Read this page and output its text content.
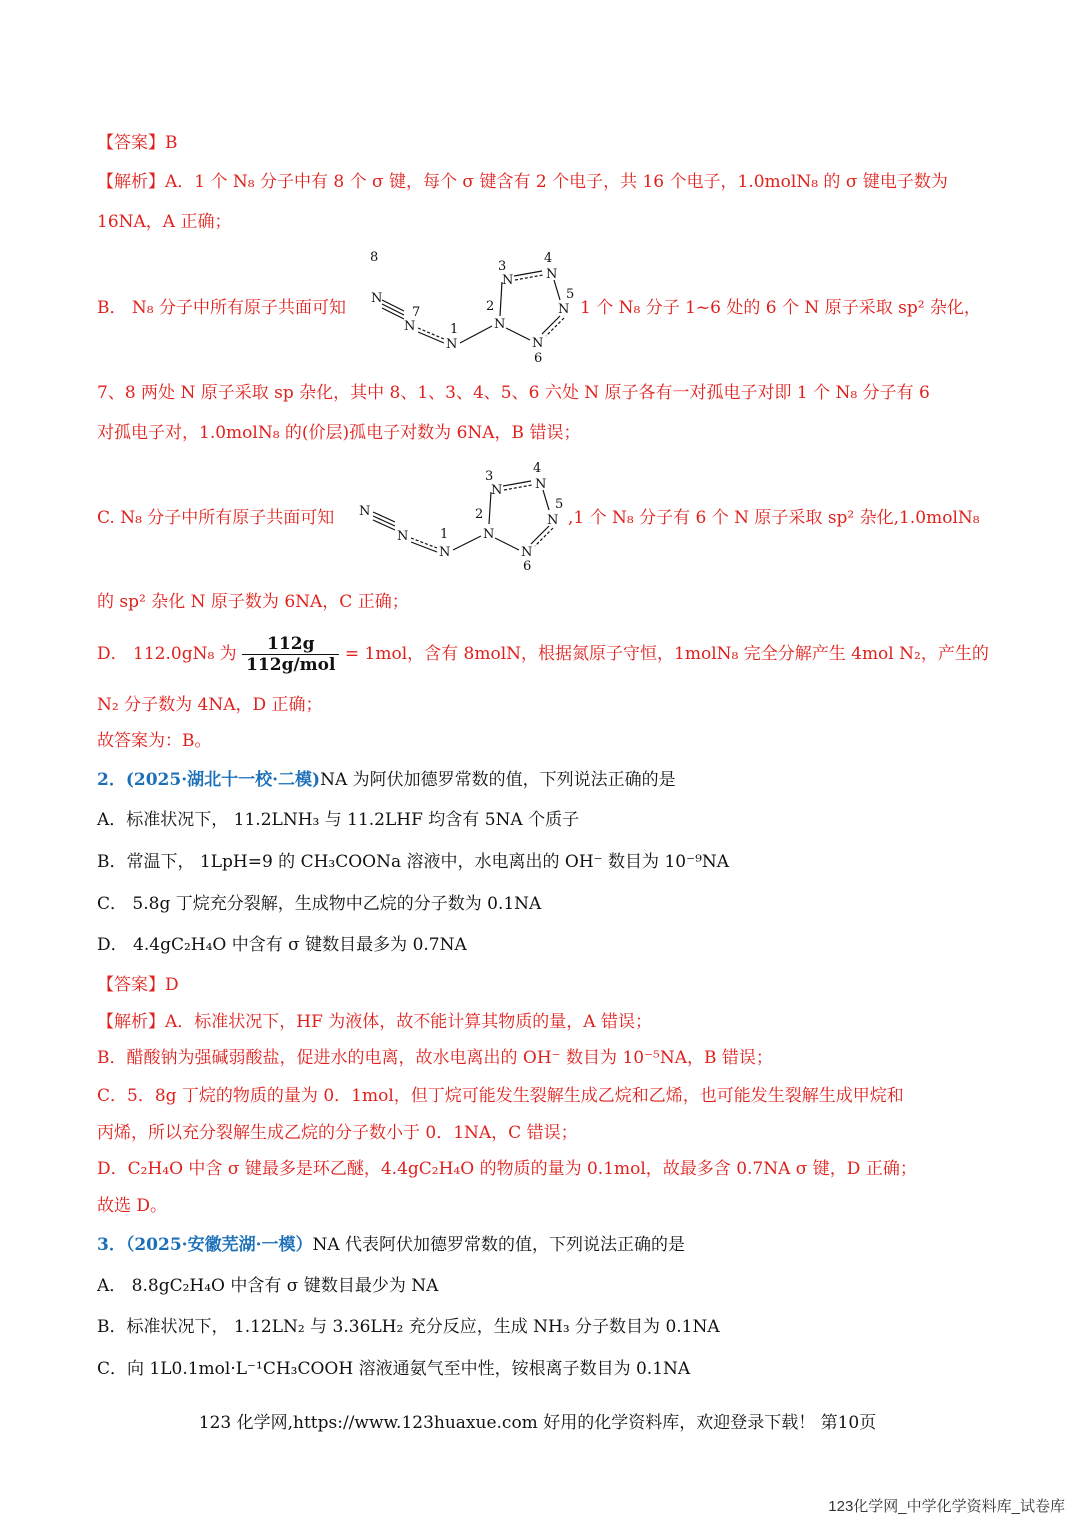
【答案】B
【解析】A．1 个 N₈ 分子中有 8 个 σ 键，每个 σ 键含有 2 个电子，共 16 个电子，1.0molN₈ 的 σ 键电子数为
16NA，A 正确；
B． N₈ 分子中所有原子共面可知
8
N
7
N	1
N
2
N
3
N
4
N
5
N
N
6
1 个 N₈ 分子 1~6 处的 6 个 N 原子采取 sp² 杂化，
7、8 两处 N 原子采取 sp 杂化，其中 8、1、3、4、5、6 六处 N 原子各有一对孤电子对即 1 个 N₈ 分子有 6
对孤电子对，1.0molN₈ 的(价层)孤电子对数为 6NA，B 错误；
C. N₈ 分子中所有原子共面可知 N
N 1
N
2
N
3
N
4
N
5
N
N
6
,1 个 N₈ 分子有 6 个 N 原子采取 sp² 杂化,1.0molN₈
的 sp² 杂化 N 原子数为 6NA，C 正确；
D． 112.0gN₈ 为 $\frac{112g}{\text{112g/mol}} = 1mol$，含有 8molN，根据氮原子守恒，1molN₈ 完全分解产生 4mol N₂，产生的
N₂ 分子数为 4NA，D 正确；
故答案为：B。
2．(2025·湖北十一校·二模)NA 为阿伏加德罗常数的值，下列说法正确的是
A．标准状况下， 11.2LNH₃ 与 11.2LHF 均含有 5NA 个质子
B．常温下， 1LpH=9 的 CH₃COONa 溶液中，水电离出的 OH⁻ 数目为 10⁻⁹NA
C． 5.8g 丁烷充分裂解，生成物中乙烷的分子数为 0.1NA
D． 4.4gC₂H₄O 中含有 σ 键数目最多为 0.7NA
【答案】D
【解析】A．标准状况下，HF 为液体，故不能计算其物质的量，A 错误；
B．醋酸钠为强碱弱酸盐，促进水的电离，故水电离出的 OH⁻ 数目为 10⁻⁵NA，B 错误；
C．5．8g 丁烷的物质的量为 0．1mol，但丁烷可能发生裂解生成乙烷和乙烯，也可能发生裂解生成甲烷和
丙烯，所以充分裂解生成乙烷的分子数小于 0．1NA，C 错误；
D．C₂H₄O 中含 σ 键最多是环乙醚，4.4gC₂H₄O 的物质的量为 0.1mol，故最多含 0.7NA σ 键，D 正确；
故选 D。
3．（2025·安徽芜湖·一模）NA 代表阿伏加德罗常数的值，下列说法正确的是
A． 8.8gC₂H₄O 中含有 σ 键数目最少为 NA
B．标准状况下， 1.12LN₂ 与 3.36LH₂ 充分反应，生成 NH₃ 分子数目为 0.1NA
C．向 1L0.1mol·L⁻¹CH₃COOH 溶液通氨气至中性，铵根离子数目为 0.1NA
123 化学网,https://www.123huaxue.com 好用的化学资料库，欢迎登录下载！ 第10页
123化学网_中学化学资料库_试卷库
